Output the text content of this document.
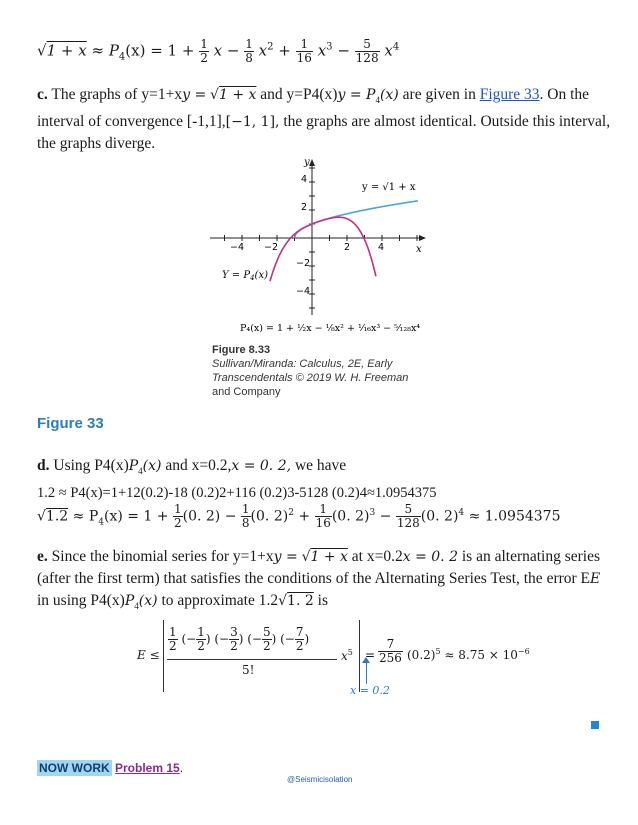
$√1 + x \approx P_4(x) = 1 + \frac{1}{2}$ $x - \frac{1}{8} x^2 + \frac{1}{16} x^3 - \frac{5}{128} x^4$
c. The graphs of y=1+xy = √1 + x and $y=P4(x)y = P_4(x)$ are given in Figure 33. On the
interval of convergence [-1,1],[−1, 1], the graphs are almost identical. Outside this interval,
the graphs diverge.
y
x
−4 −2	2	4
4
2
−2
−4
y = √1 + x
$Y = P_4(x)$
P₄(x) = 1 + ½x − ⅛x² + ¹⁄₁₆x³ − ⁵⁄₁₂₈x⁴
Figure 8.33
Sullivan/Miranda: Calculus, 2E, Early
Transcendentals © 2019 W. H. Freeman
and Company
Figure 33
d. Using $P4(x)P_4(x)$ and x=0.2,x = 0. 2, we have
1.2 ≈ P4(x)=1+12(0.2)-18 (0.2)2+116 (0.2)3-5128 (0.2)4≈1.0954375
$√1.2 \approx P_4(x) = 1 + \frac{1}{2} (0$. $2) - \frac{1}{8} (0$. $2)^2 + \frac{1}{16} (0$. $2)^3 - \frac{5}{128} (0$. 2)$^4$ ≈ 1.0954375
e. Since the binomial series for y=1+xy = √1 + x at x=0.2x = 0. 2 is an alternating series
(after the first term) that satisfies the conditions of the Alternating Series Test, the error EE
in using $P4(x)P_4(x)$ to approximate 1.2√1. 2 is
E ≤
$\frac{1}{2}$ (− $\frac{1}{2}$ ) (− $\frac{3}{2}$ ) (− $\frac{5}{2}$ ) (− $\frac{7}{2}$ )
5!
$x^5 = \frac{7}{256} (0.2)^5 \approx 8.75 \times 10^{-6}$
x = 0.2
NOW WORK Problem 15.
@Seismicisolation
